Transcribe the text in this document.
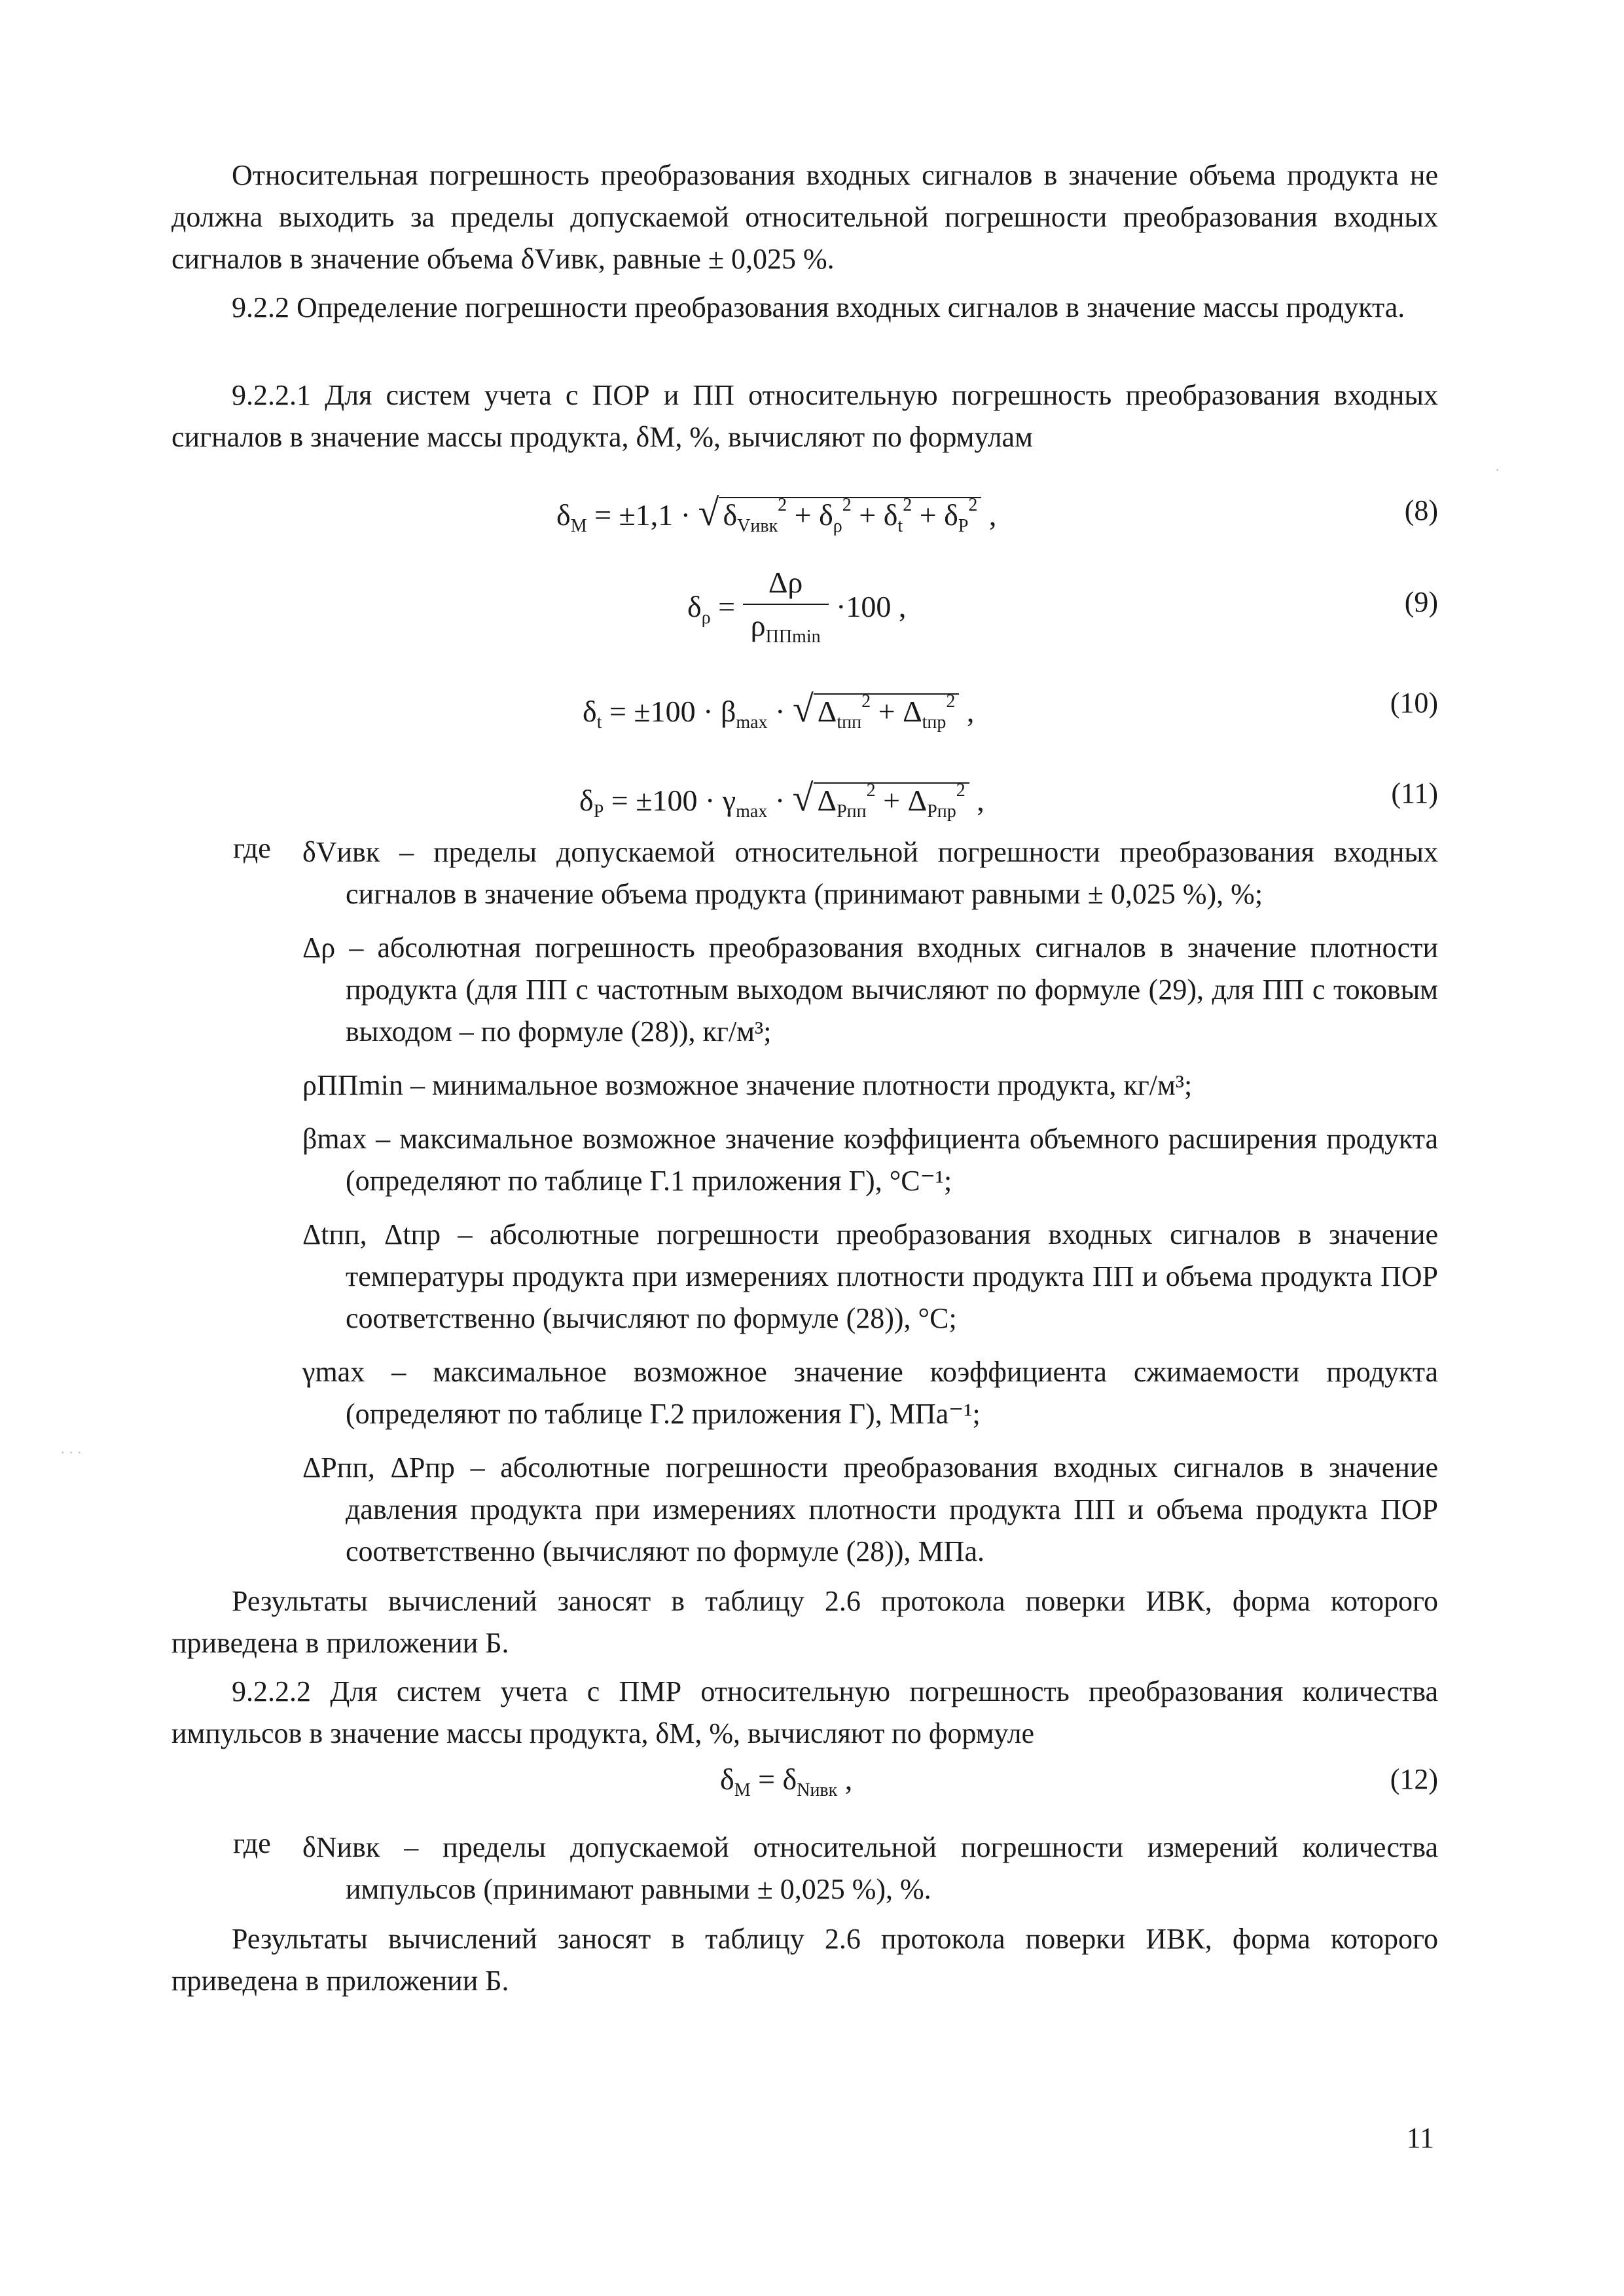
Относительная погрешность преобразования входных сигналов в значение объема продукта не должна выходить за пределы допускаемой относительной погрешности преобразования входных сигналов в значение объема δVивк, равные ± 0,025 %.
9.2.2 Определение погрешности преобразования входных сигналов в значение массы продукта.
9.2.2.1 Для систем учета с ПОР и ПП относительную погрешность преобразования входных сигналов в значение массы продукта, δM, %, вычисляют по формулам
$\delta_M = \pm 1,1$ · √ $\delta_{Vивк}^2 + \delta_\rho^2 + \delta_t^2 + \delta_P^2$ ,	(8)
$\delta_\rho = \frac{\Delta\rho}{\rho_{ППmin}} \cdot 100$ ,	(9)
$\delta_t = \pm 100 \cdot \beta_{max}$ · √ $\Delta_{tпп}^2 + \Delta_{tпр}^2$ ,	(10)
$\delta_P = \pm 100 \cdot \gamma_{max}$ · √ $\Delta_{Pпп}^2 + \Delta_{Pпр}^2$ ,	(11)
где δVивк – пределы допускаемой относительной погрешности преобразования входных сигналов в значение объема продукта (принимают равными ± 0,025 %), %;
Δρ – абсолютная погрешность преобразования входных сигналов в значение плотности продукта (для ПП с частотным выходом вычисляют по формуле (29), для ПП с токовым выходом – по формуле (28)), кг/м³;
ρППmin – минимальное возможное значение плотности продукта, кг/м³;
βmax – максимальное возможное значение коэффициента объемного расширения продукта (определяют по таблице Г.1 приложения Г), °С⁻¹;
Δtпп, Δtпр – абсолютные погрешности преобразования входных сигналов в значение температуры продукта при измерениях плотности продукта ПП и объема продукта ПОР соответственно (вычисляют по формуле (28)), °С;
γmax – максимальное возможное значение коэффициента сжимаемости продукта (определяют по таблице Г.2 приложения Г), МПа⁻¹;
ΔPпп, ΔPпр – абсолютные погрешности преобразования входных сигналов в значение давления продукта при измерениях плотности продукта ПП и объема продукта ПОР соответственно (вычисляют по формуле (28)), МПа.
Результаты вычислений заносят в таблицу 2.6 протокола поверки ИВК, форма которого приведена в приложении Б.
9.2.2.2 Для систем учета с ПМР относительную погрешность преобразования количества импульсов в значение массы продукта, δM, %, вычисляют по формуле
$\delta_M = \delta_{Nивк}$ ,	(12)
где δNивк – пределы допускаемой относительной погрешности измерений количества импульсов (принимают равными ± 0,025 %), %.
Результаты вычислений заносят в таблицу 2.6 протокола поверки ИВК, форма которого приведена в приложении Б.
11
·
· · ·
